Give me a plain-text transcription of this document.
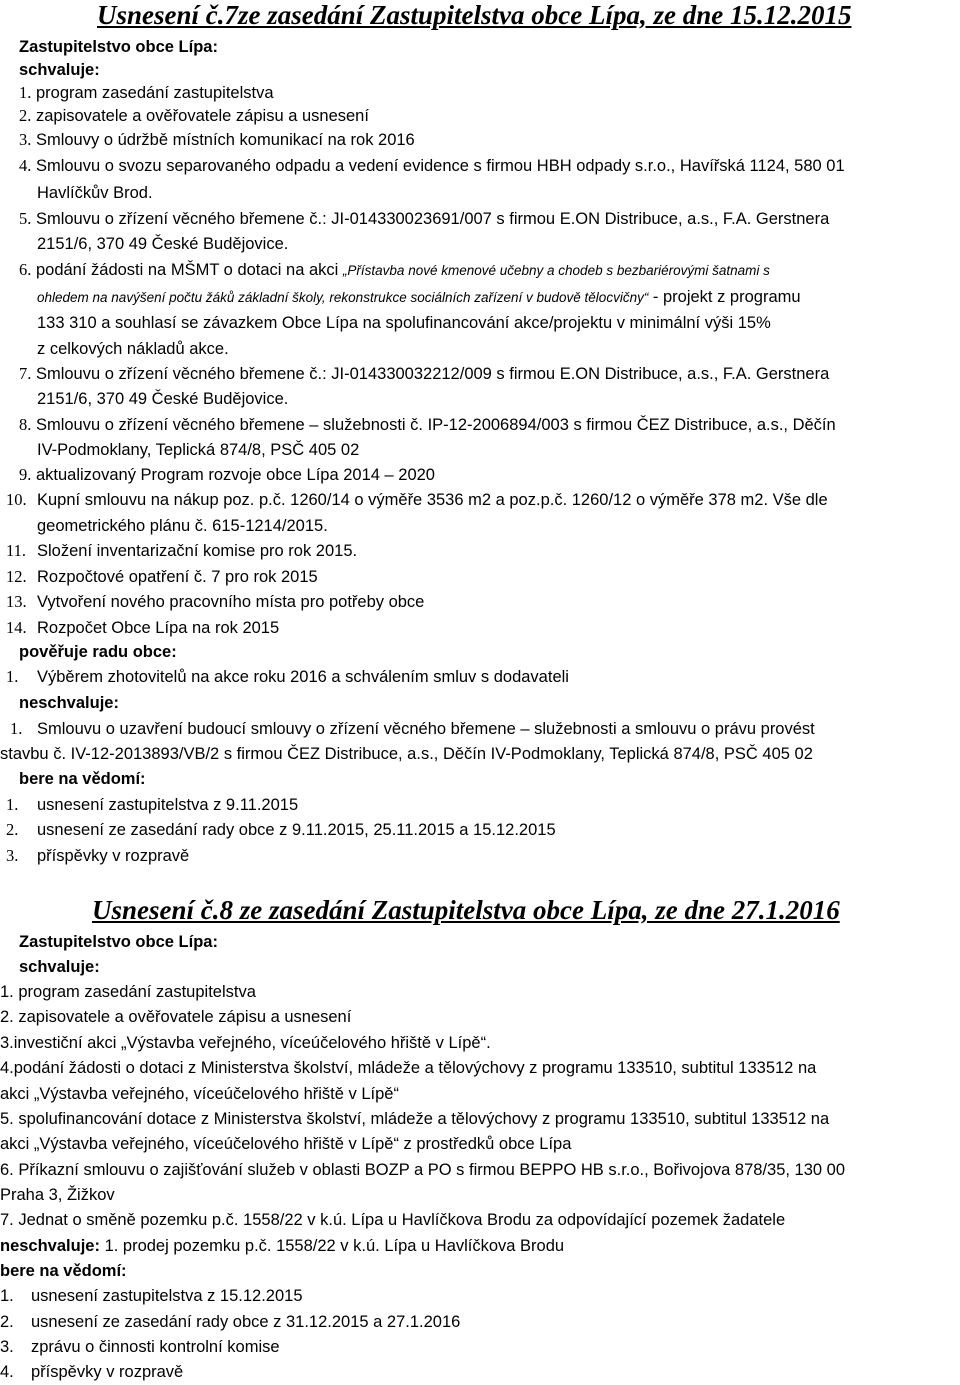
Usnesení č.7ze zasedání Zastupitelstva obce Lípa, ze dne 15.12.2015
Zastupitelstvo obce Lípa:
schvaluje:
1. program zasedání zastupitelstva
2. zapisovatele a ověřovatele zápisu a usnesení
3. Smlouvy o údržbě místních komunikací na rok 2016
4. Smlouvu o svozu separovaného odpadu a vedení evidence s firmou HBH odpady s.r.o., Havířská 1124, 580 01
Havlíčkův Brod.
5. Smlouvu o zřízení věcného břemene č.: JI-014330023691/007 s firmou E.ON Distribuce, a.s., F.A. Gerstnera
2151/6, 370 49 České Budějovice.
6. podání žádosti na MŠMT o dotaci na akci „Přístavba nové kmenové učebny a chodeb s bezbariérovými šatnami s
ohledem na navýšení počtu žáků základní školy, rekonstrukce sociálních zařízení v budově tělocvičny“ - projekt z programu
133 310 a souhlasí se závazkem Obce Lípa na spolufinancování akce/projektu v minimální výši 15%
z celkových nákladů akce.
7. Smlouvu o zřízení věcného břemene č.: JI-014330032212/009 s firmou E.ON Distribuce, a.s., F.A. Gerstnera
2151/6, 370 49 České Budějovice.
8. Smlouvu o zřízení věcného břemene – služebnosti č. IP-12-2006894/003 s firmou ČEZ Distribuce, a.s., Děčín
IV-Podmoklany, Teplická 874/8, PSČ 405 02
9. aktualizovaný Program rozvoje obce Lípa 2014 – 2020
10. Kupní smlouvu na nákup poz. p.č. 1260/14 o výměře 3536 m2 a poz.p.č. 1260/12 o výměře 378 m2. Vše dle
geometrického plánu č. 615-1214/2015.
11. Složení inventarizační komise pro rok 2015.
12. Rozpočtové opatření č. 7 pro rok 2015
13. Vytvoření nového pracovního místa pro potřeby obce
14. Rozpočet Obce Lípa na rok 2015
pověřuje radu obce:
1. Výběrem zhotovitelů na akce roku 2016 a schválením smluv s dodavateli
neschvaluje:
1. Smlouvu o uzavření budoucí smlouvy o zřízení věcného břemene – služebnosti a smlouvu o právu provést
stavbu č. IV-12-2013893/VB/2 s firmou ČEZ Distribuce, a.s., Děčín IV-Podmoklany, Teplická 874/8, PSČ 405 02
bere na vědomí:
1. usnesení zastupitelstva z 9.11.2015
2. usnesení ze zasedání rady obce z 9.11.2015, 25.11.2015 a 15.12.2015
3. příspěvky v rozpravě
Usnesení č.8 ze zasedání Zastupitelstva obce Lípa, ze dne 27.1.2016
Zastupitelstvo obce Lípa:
schvaluje:
1. program zasedání zastupitelstva
2. zapisovatele a ověřovatele zápisu a usnesení
3.investiční akci „Výstavba veřejného, víceúčelového hřiště v Lípě“.
4.podání žádosti o dotaci z Ministerstva školství, mládeže a tělovýchovy z programu 133510, subtitul 133512 na
akci „Výstavba veřejného, víceúčelového hřiště v Lípě“
5. spolufinancování dotace z Ministerstva školství, mládeže a tělovýchovy z programu 133510, subtitul 133512 na
akci „Výstavba veřejného, víceúčelového hřiště v Lípě“ z prostředků obce Lípa
6. Příkazní smlouvu o zajišťování služeb v oblasti BOZP a PO s firmou BEPPO HB s.r.o., Bořivojova 878/35, 130 00
Praha 3, Žižkov
7. Jednat o směně pozemku p.č. 1558/22 v k.ú. Lípa u Havlíčkova Brodu za odpovídající pozemek žadatele
neschvaluje: 1. prodej pozemku p.č. 1558/22 v k.ú. Lípa u Havlíčkova Brodu
bere na vědomí:
1. usnesení zastupitelstva z 15.12.2015
2. usnesení ze zasedání rady obce z 31.12.2015 a 27.1.2016
3. zprávu o činnosti kontrolní komise
4. příspěvky v rozpravě
